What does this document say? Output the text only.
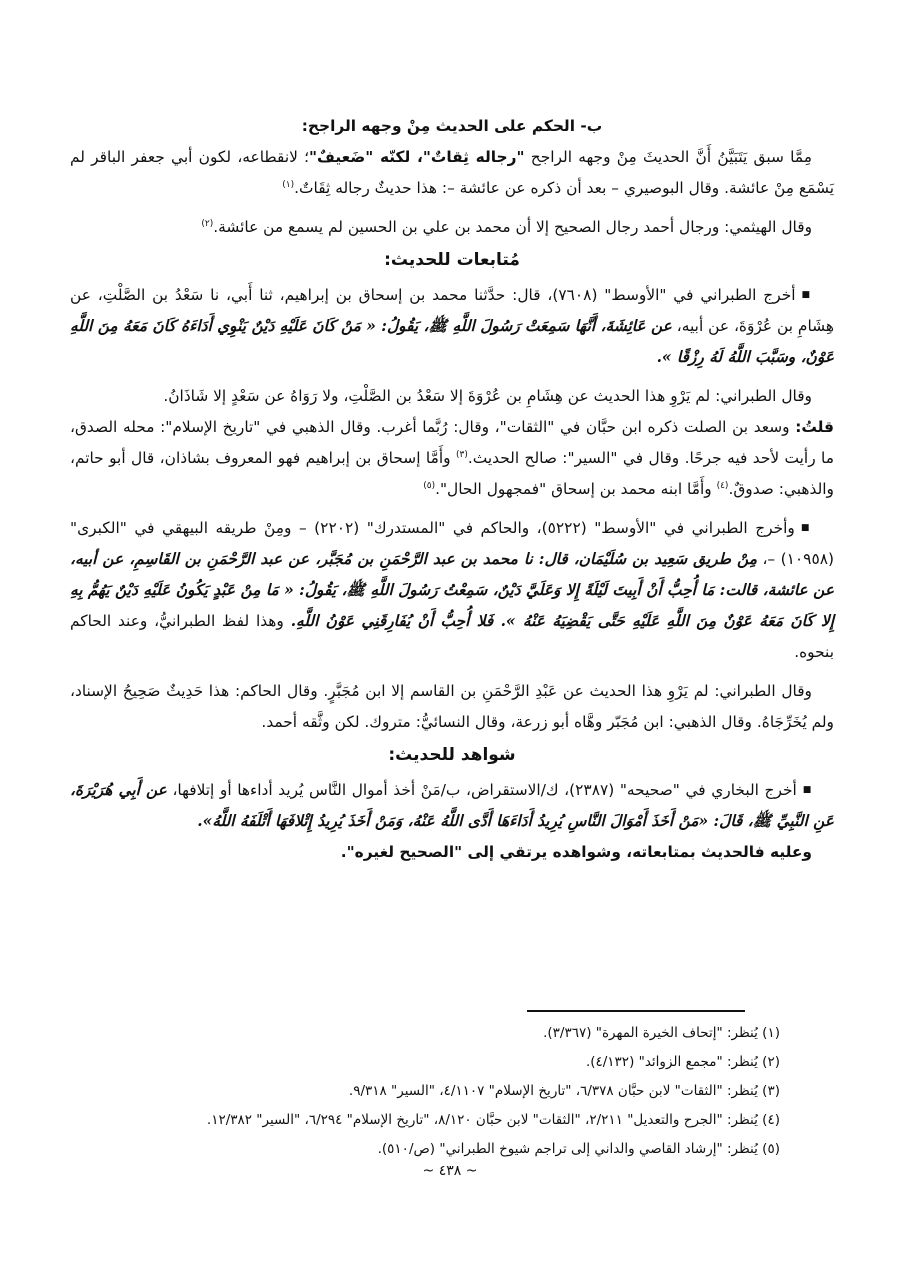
ب- الحكم على الحديث مِنْ وجهه الراجح:

مِمَّا سبق يَتَبَيَّنُ أَنَّ الحديثَ مِنْ وجهه الراجح "رجاله ثِقاتٌ"، لكنّه "ضَعيفٌ"؛ لانقطاعه، لكون أبي جعفر الباقر لم يَسْمَع مِنْ عائشة. وقال البوصيري – بعد أن ذكره عن عائشة –: هذا حديثٌ رجاله ثِقَاتٌ.$^{(١)}$

وقال الهيثمي: ورجال أحمد رجال الصحيح إلا أن محمد بن علي بن الحسين لم يسمع من عائشة.$^{(٢)}$

مُتابعات للحديث:

■أخرج الطبراني في "الأوسط" (٧٦٠٨)، قال: حدَّثنا محمد بن إسحاق بن إبراهيم، ثنا أَبي، نا سَعْدُ بن الصَّلْتِ، عن هِشَامِ بن عُرْوَةَ، عن أبيه، عن عَائِشَةَ، أَنَّهَا سَمِعَتْ رَسُولَ اللَّهِ ﷺ، يَقُولُ: « مَنْ كَانَ عَلَيْهِ دَيْنٌ يَنْوِي أَدَاءَهُ كَانَ مَعَهُ مِنَ اللَّهِ عَوْنٌ، وسَبَّبَ اللَّهُ لَهُ رِزْقًا ».

وقال الطبراني: لم يَرْوِ هذا الحديث عن هِشَامِ بن عُرْوَةَ إلا سَعْدُ بن الصَّلْتِ، ولا رَوَاهُ عن سَعْدٍ إلا شَاذَانُ.

قلتُ: وسعد بن الصلت ذكره ابن حبَّان في "الثقات"، وقال: رُبَّما أغرب. وقال الذهبي في "تاريخ الإسلام": محله الصدق، ما رأيت لأحد فيه جرحًا. وقال في "السير": صالح الحديث.$^{(٣)}$ وأَمَّا إسحاق بن إبراهيم فهو المعروف بشاذان، قال أبو حاتم، والذهبي: صدوقٌ.$^{(٤)}$ وأَمَّا ابنه محمد بن إسحاق "فمجهول الحال".$^{(٥)}$

■وأخرج الطبراني في "الأوسط" (٥٢٢٢)، والحاكم في "المستدرك" (٢٢٠٢) – ومِنْ طريقه البيهقي في "الكبرى" (١٠٩٥٨) –، مِنْ طريق سَعِيد بن سُلَيْمَان، قال: نا محمد بن عبد الرَّحْمَنِ بن مُجَبَّر، عن عبد الرَّحْمَنِ بن القَاسِمِ، عن أبيه، عن عائشة، قالت: مَا أُحِبُّ أَنْ أَبِيتَ لَيْلَةً إِلا وَعَلَيَّ دَيْنٌ، سَمِعْتُ رَسُولَ اللَّهِ ﷺ، يَقُولُ: « مَا مِنْ عَبْدٍ يَكُونُ عَلَيْهِ دَيْنٌ يَهُمُّ بِهِ إِلا كَانَ مَعَهُ عَوْنٌ مِنَ اللَّهِ عَلَيْهِ حَتَّى يَقْضِيَهُ عَنْهُ ». فَلا أُحِبُّ أَنْ يُفَارِقَنِي عَوْنُ اللَّهِ. وهذا لفظ الطبرانيُّ، وعند الحاكم بنحوه.

وقال الطبراني: لم يَرْوِ هذا الحديث عن عَبْدِ الرَّحْمَنِ بن القاسم إلا ابن مُجَبَّرٍ. وقال الحاكم: هذا حَدِيثٌ صَحِيحُ الإسناد، ولم يُخَرِّجَاهُ. وقال الذهبي: ابن مُجَبّر وهَّاه أبو زرعة، وقال النسائيُّ: متروك. لكن وثَّقه أحمد.

شواهد للحديث:

■أخرج البخاري في "صحيحه" (٢٣٨٧)، ك/الاستقراض، ب/مَنْ أخذ أموال النَّاس يُريد أداءها أو إتلافها، عن أَبِي هُرَيْرَةَ، عَنِ النَّبِيِّ ﷺ، قَالَ: «مَنْ أَخَذَ أَمْوَالَ النَّاسِ يُرِيدُ أَدَاءَهَا أَدَّى اللَّهُ عَنْهُ، وَمَنْ أَخَذَ يُرِيدُ إِتْلافَهَا أَتْلَفَهُ اللَّهُ».

وعليه فالحديث بمتابعاته، وشواهده يرتقي إلى "الصحيح لغيره".

(١) يُنظر: "إتحاف الخيرة المهرة" (٣/٣٦٧).
(٢) يُنظر: "مجمع الزوائد" (٤/١٣٢).
(٣) يُنظر: "الثقات" لابن حبَّان ٦/٣٧٨، "تاريخ الإسلام" ٤/١١٠٧، "السير" ٩/٣١٨.
(٤) يُنظر: "الجرح والتعديل" ٢/٢١١، "الثقات" لابن حبَّان ٨/١٢٠، "تاريخ الإسلام" ٦/٢٩٤، "السير" ١٢/٣٨٢.
(٥) يُنظر: "إرشاد القاصي والداني إلى تراجم شيوخ الطبراني" (ص/٥١٠).
~ ٤٣٨ ~
